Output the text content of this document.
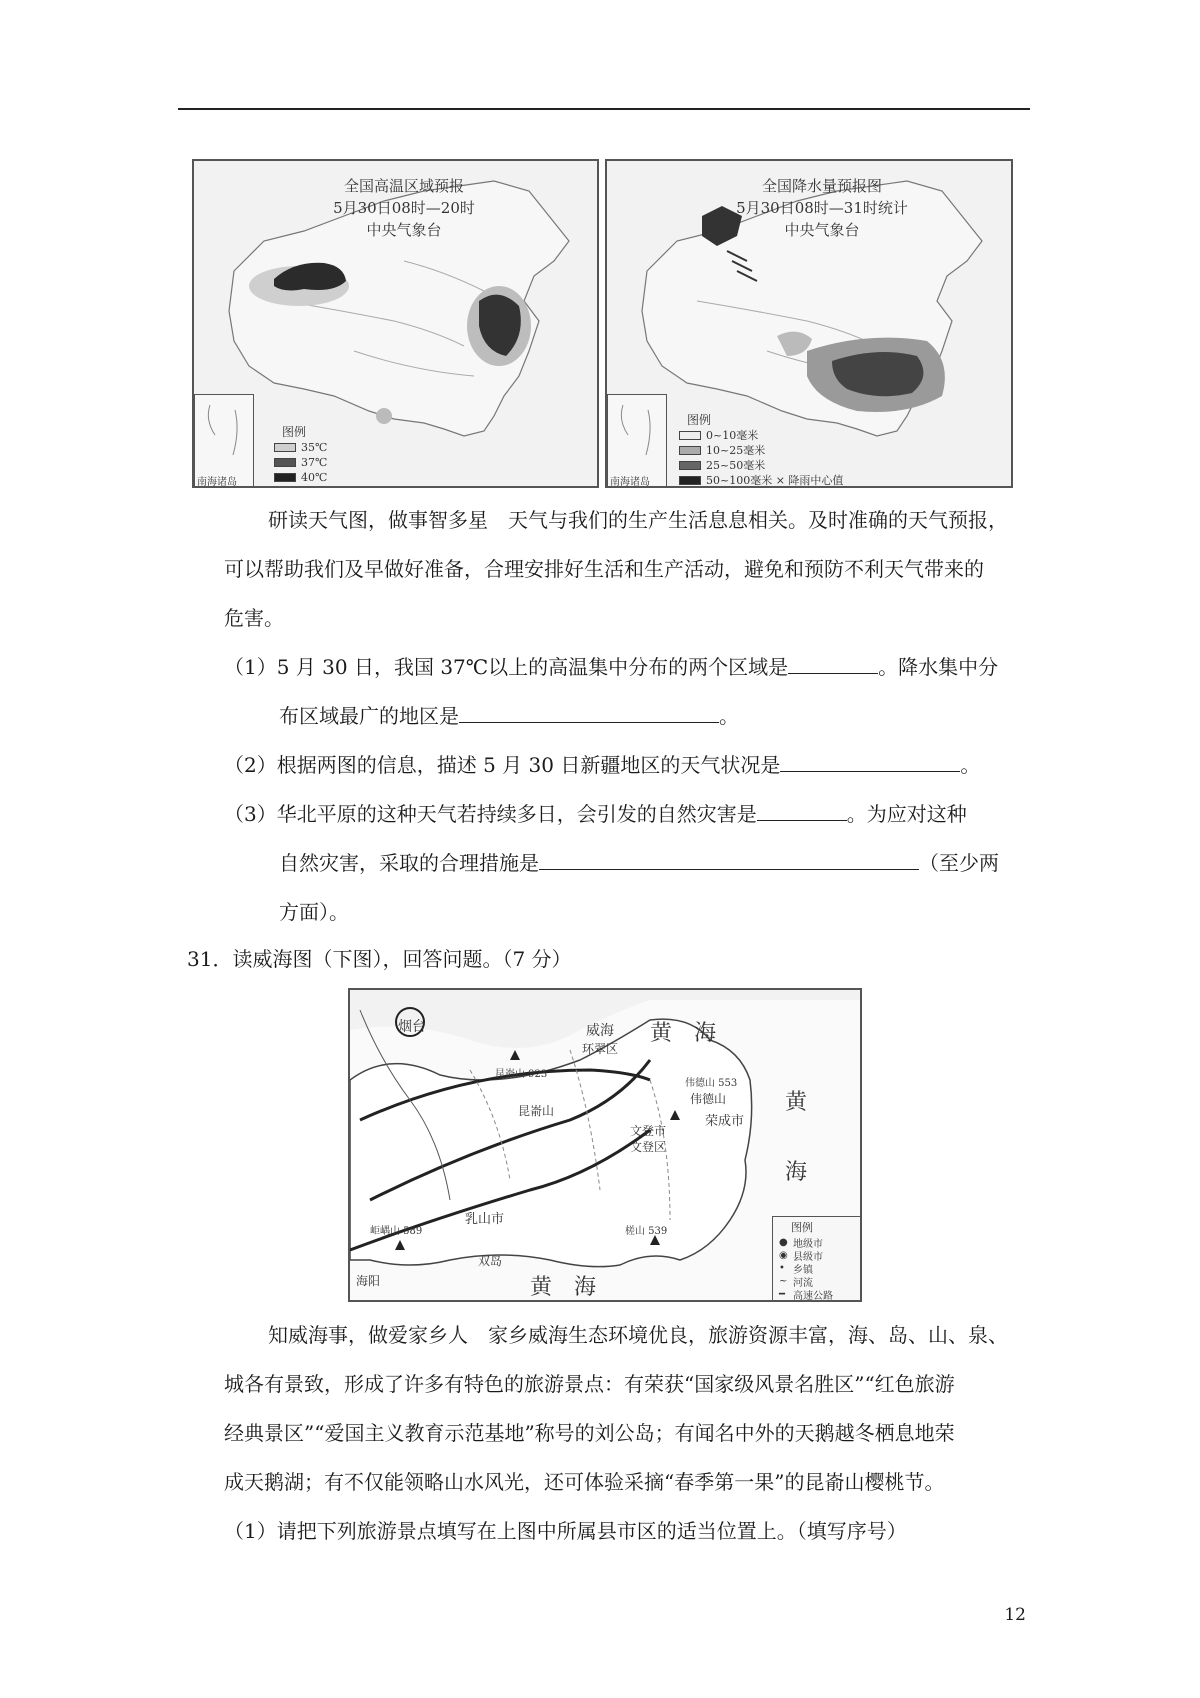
全国高温区域预报
5月30日08时—20时
中央气象台
南海诸岛
图例
35℃
37℃
40℃
全国降水量预报图
5月30日08时—31时统计
中央气象台
南海诸岛
图例
0~10毫米
10~25毫米
25~50毫米
50~100毫米 × 降雨中心值
研读天气图，做事智多星　天气与我们的生产生活息息相关。及时准确的天气预报，
可以帮助我们及早做好准备，合理安排好生活和生产活动，避免和预防不利天气带来的
危害。
（1）5 月 30 日，我国 37℃以上的高温集中分布的两个区域是	。降水集中分
布区域最广的地区是	。
（2）根据两图的信息，描述 5 月 30 日新疆地区的天气状况是	。
（3）华北平原的这种天气若持续多日，会引发的自然灾害是	。为应对这种
自然灾害，采取的合理措施是	（至少两
方面）。
31．读威海图（下图），回答问题。（7 分）
黄　海
黄
海
黄　海
威海
烟台
乳山市
荣成市
文登市
海阳
环翠区
昆嵛山
文登区
伟德山
双岛
昆嵛山 923
伟德山 553
岠嵎山 589	槎山 539	图例
● 地级市
◉ 县级市
• 乡镇
~ 河流
━ 高速公路
知威海事，做爱家乡人　家乡威海生态环境优良，旅游资源丰富，海、岛、山、泉、
城各有景致，形成了许多有特色的旅游景点：有荣获“国家级风景名胜区”“红色旅游
经典景区”“爱国主义教育示范基地”称号的刘公岛；有闻名中外的天鹅越冬栖息地荣
成天鹅湖；有不仅能领略山水风光，还可体验采摘“春季第一果”的昆嵛山樱桃节。
（1）请把下列旅游景点填写在上图中所属县市区的适当位置上。（填写序号）
12
